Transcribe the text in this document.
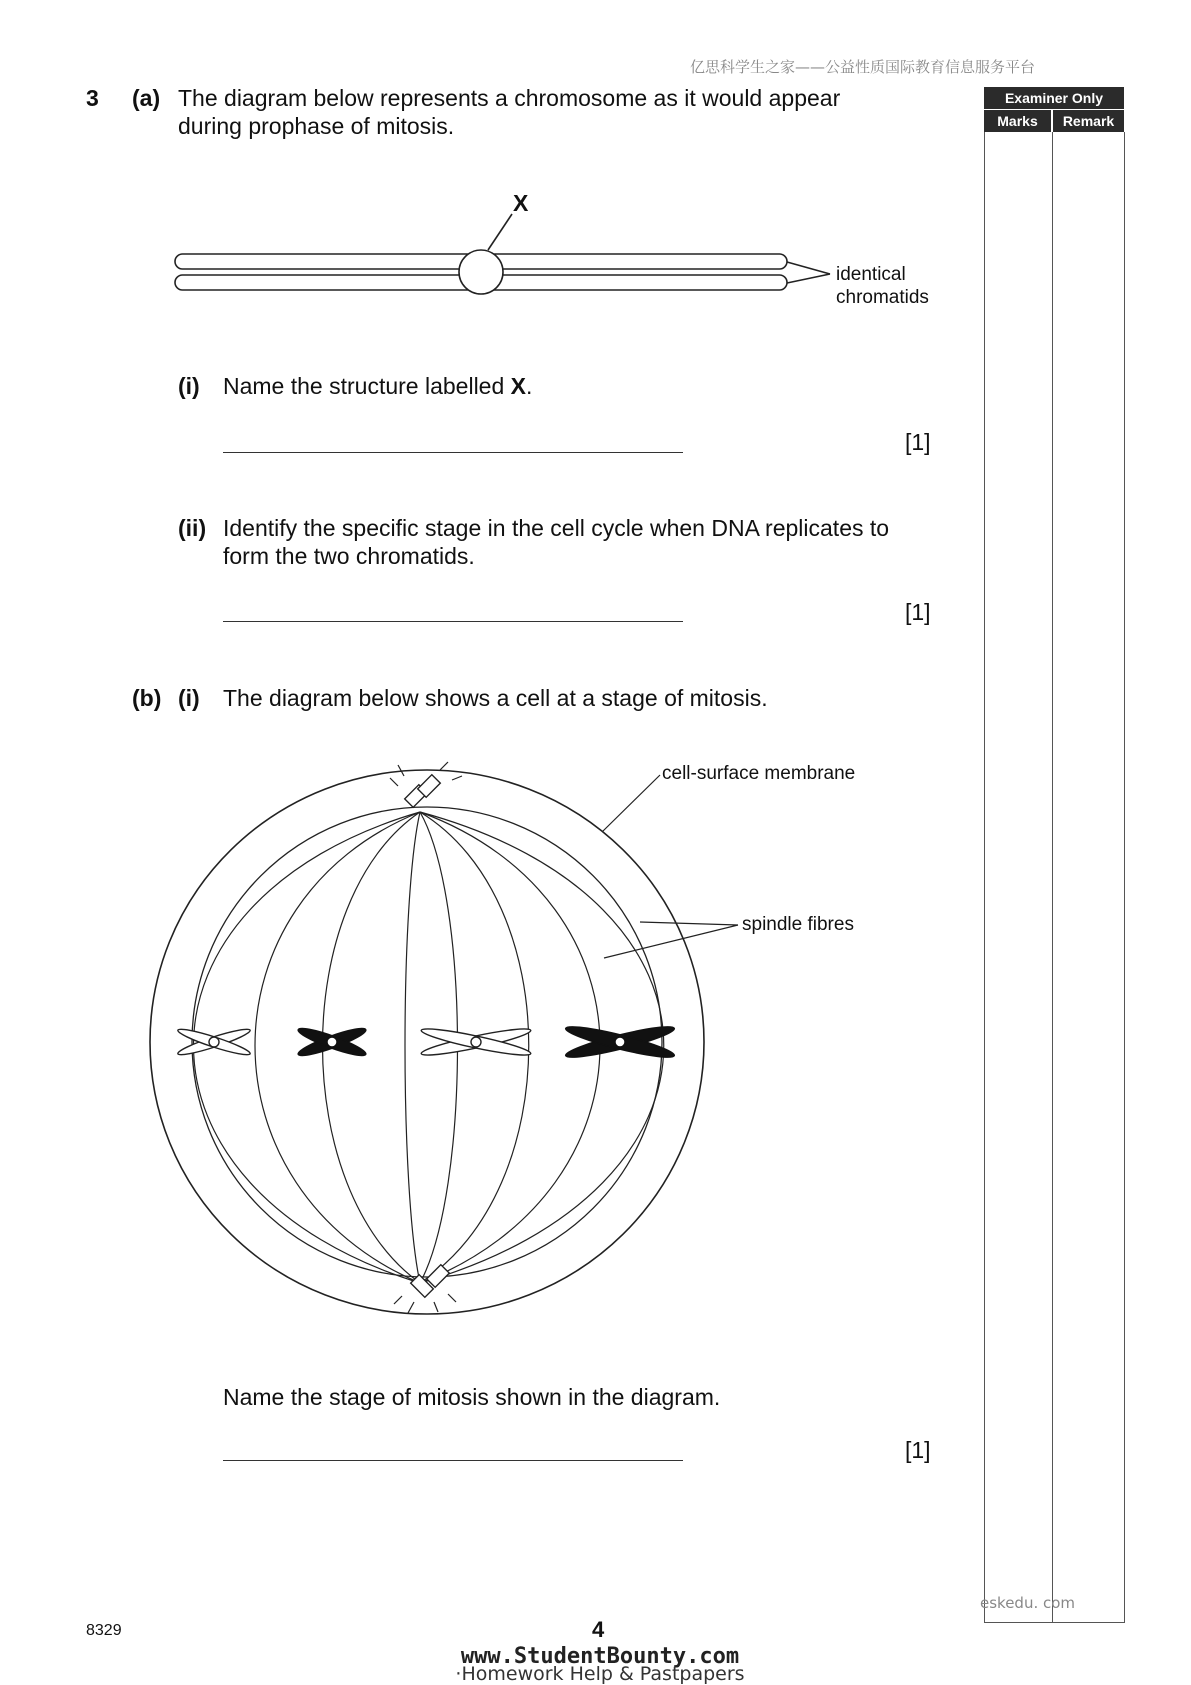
亿思科学生之家——公益性质国际教育信息服务平台
Examiner Only
Marks	Remark
eskedu. com
3 (a) The diagram below represents a chromosome as it would appear
during prophase of mitosis.
X
identical
chromatids
(i) Name the structure labelled X.
[1]
(ii) Identify the specific stage in the cell cycle when DNA replicates to
form the two chromatids.
[1]
(b) (i) The diagram below shows a cell at a stage of mitosis.
cell-surface membrane
spindle fibres
Name the stage of mitosis shown in the diagram.
[1]
8329	4
www.StudentBounty.com
·Homework Help & Pastpapers
